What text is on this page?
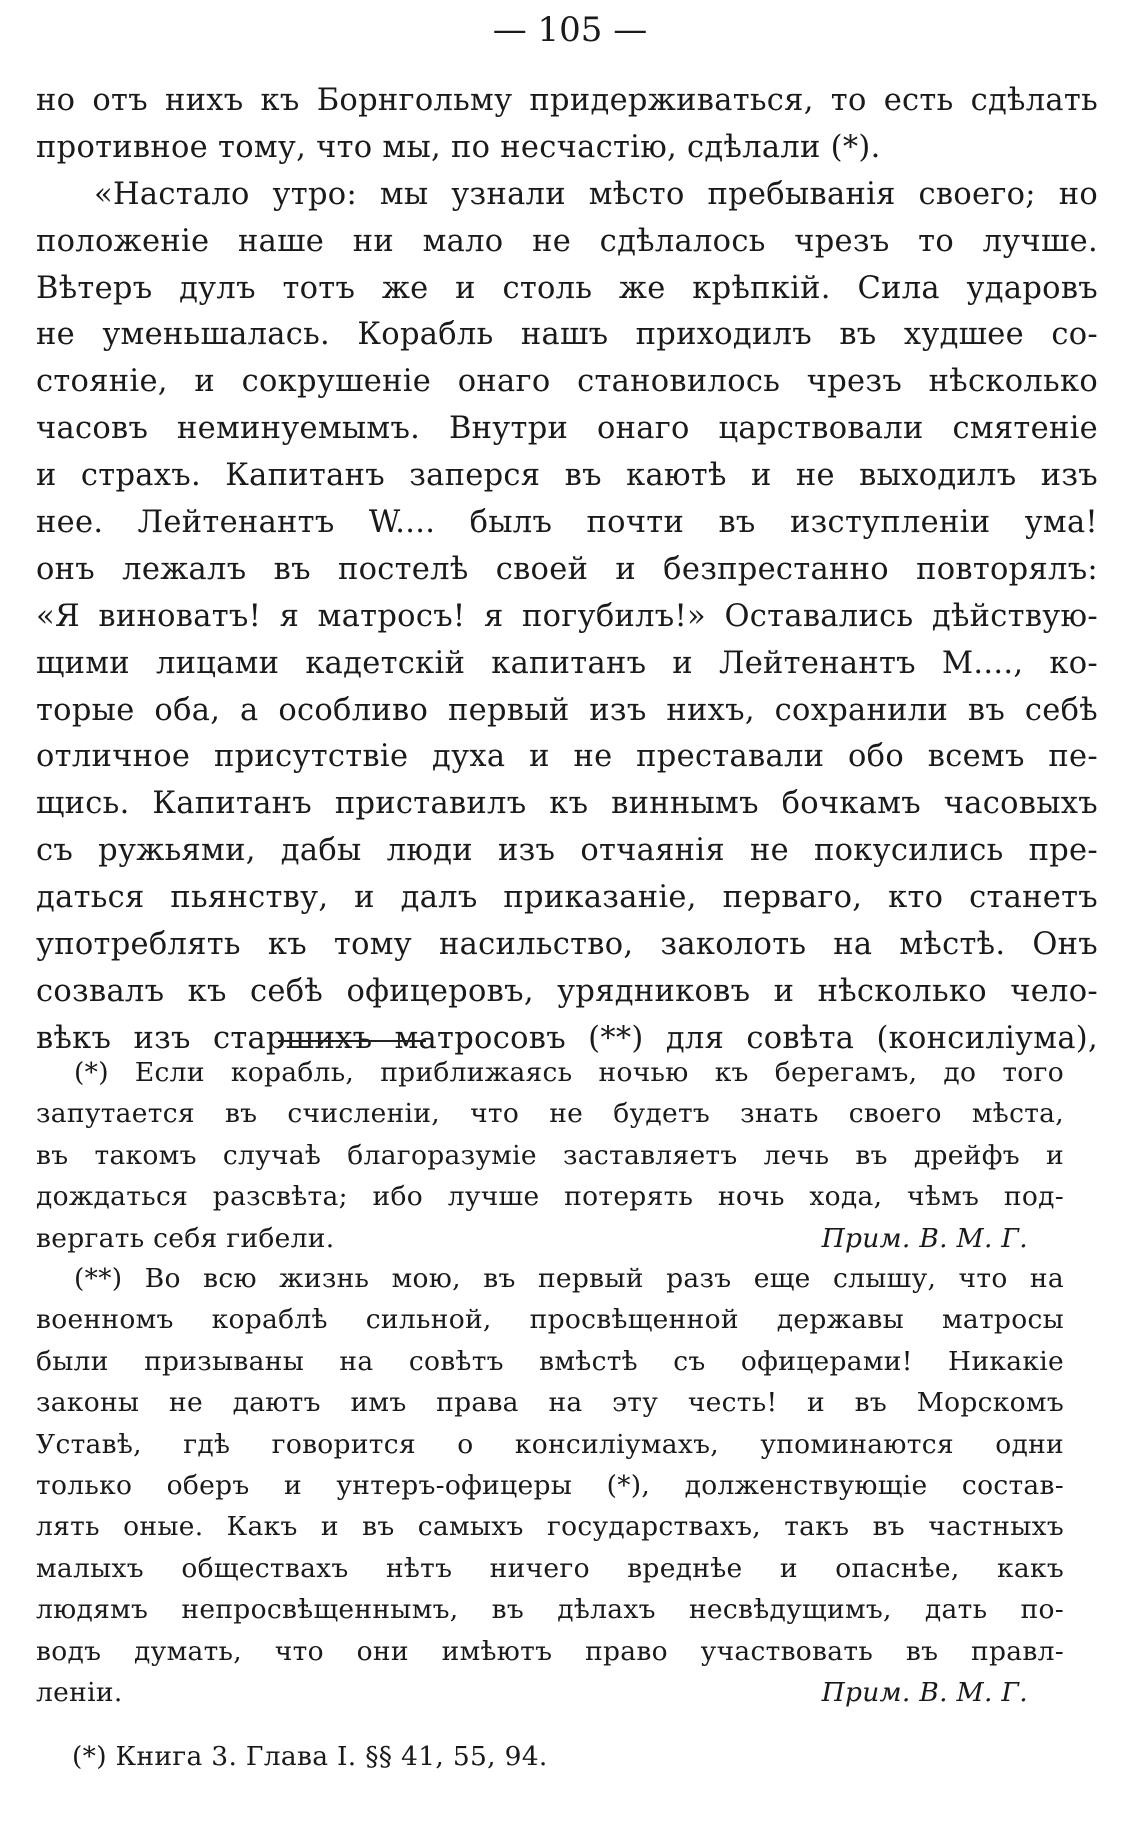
— 105 —
но отъ нихъ къ Борнгольму придерживаться, то есть сдѣлать
противное тому, что мы, по несчастію, сдѣлали (*).
«Настало утро: мы узнали мѣсто пребыванія своего; но
положеніе наше ни мало не сдѣлалось чрезъ то лучше.
Вѣтеръ дулъ тотъ же и столь же крѣпкій. Сила ударовъ
не уменьшалась. Корабль нашъ приходилъ въ худшее со-
стояніе, и сокрушеніе онаго становилось чрезъ нѣсколько
часовъ неминуемымъ. Внутри онаго царствовали смятеніе
и страхъ. Капитанъ заперся въ каютѣ и не выходилъ изъ
нее. Лейтенантъ W.... былъ почти въ изступленіи ума!
онъ лежалъ въ постелѣ своей и безпрестанно повторялъ:
«Я виноватъ! я матросъ! я погубилъ!» Оставались дѣйствую-
щими лицами кадетскій капитанъ и Лейтенантъ М...., ко-
торые оба, а особливо первый изъ нихъ, сохранили въ себѣ
отличное присутствіе духа и не преставали обо всемъ пе-
щись. Капитанъ приставилъ къ виннымъ бочкамъ часовыхъ
съ ружьями, дабы люди изъ отчаянія не покусились пре-
даться пьянству, и далъ приказаніе, перваго, кто станетъ
употреблять къ тому насильство, заколоть на мѣстѣ. Онъ
созвалъ къ себѣ офицеровъ, урядниковъ и нѣсколько чело-
вѣкъ изъ старшихъ матросовъ (**) для совѣта (консиліума),
(*) Если корабль, приближаясь ночью къ берегамъ, до того
запутается въ счисленіи, что не будетъ знать своего мѣста,
въ такомъ случаѣ благоразуміе заставляетъ лечь въ дрейфъ и
дождаться разсвѣта; ибо лучше потерять ночь хода, чѣмъ под-
вергать себя гибели.	Прим. В. М. Г.
(**) Во всю жизнь мою, въ первый разъ еще слышу, что на
военномъ кораблѣ сильной, просвѣщенной державы матросы
были призываны на совѣтъ вмѣстѣ съ офицерами! Никакіе
законы не даютъ имъ права на эту честь! и въ Морскомъ
Уставѣ, гдѣ говорится о консиліумахъ, упоминаются одни
только оберъ и унтеръ-офицеры (*), долженствующіе состав-
лять оные. Какъ и въ самыхъ государствахъ, такъ въ частныхъ
малыхъ обществахъ нѣтъ ничего вреднѣе и опаснѣе, какъ
людямъ непросвѣщеннымъ, въ дѣлахъ несвѣдущимъ, дать по-
водъ думать, что они имѣютъ право участвовать въ правл-
леніи.	Прим. В. М. Г.
(*) Книга 3. Глава I. §§ 41, 55, 94.
